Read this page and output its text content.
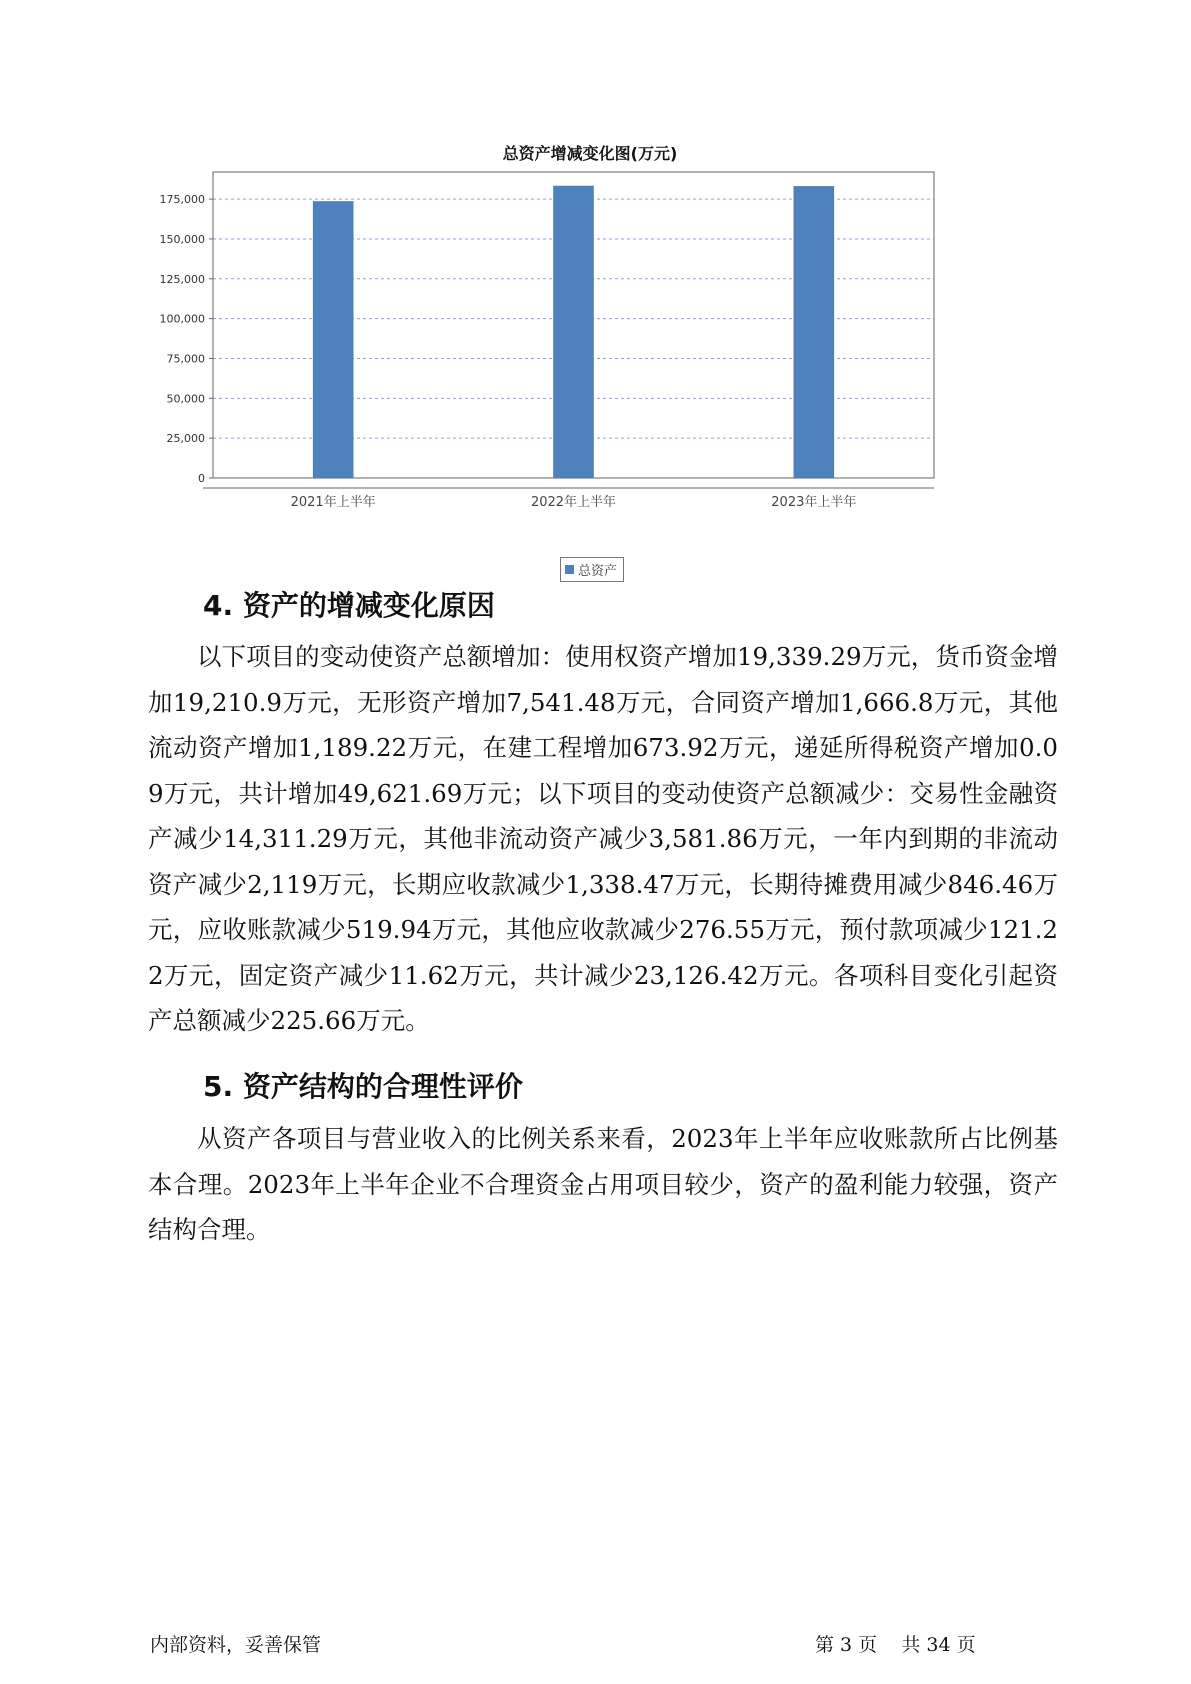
总资产增减变化图(万元)
0
25,000
50,000
75,000
100,000
125,000
150,000
175,000
2021年上半年	2022年上半年	2023年上半年
总资产
4. 资产的增减变化原因

以下项目的变动使资产总额增加：使用权资产增加19,339.29万元，货币资金增加19,210.9万元，无形资产增加7,541.48万元，合同资产增加1,666.8万元，其他流动资产增加1,189.22万元，在建工程增加673.92万元，递延所得税资产增加0.09万元，共计增加49,621.69万元；以下项目的变动使资产总额减少：交易性金融资产减少14,311.29万元，其他非流动资产减少3,581.86万元，一年内到期的非流动资产减少2,119万元，长期应收款减少1,338.47万元，长期待摊费用减少846.46万元，应收账款减少519.94万元，其他应收款减少276.55万元，预付款项减少121.22万元，固定资产减少11.62万元，共计减少23,126.42万元。各项科目变化引起资产总额减少225.66万元。

5. 资产结构的合理性评价

从资产各项目与营业收入的比例关系来看，2023年上半年应收账款所占比例基本合理。2023年上半年企业不合理资金占用项目较少，资产的盈利能力较强，资产结构合理。

内部资料，妥善保管	第 3 页    共 34 页
